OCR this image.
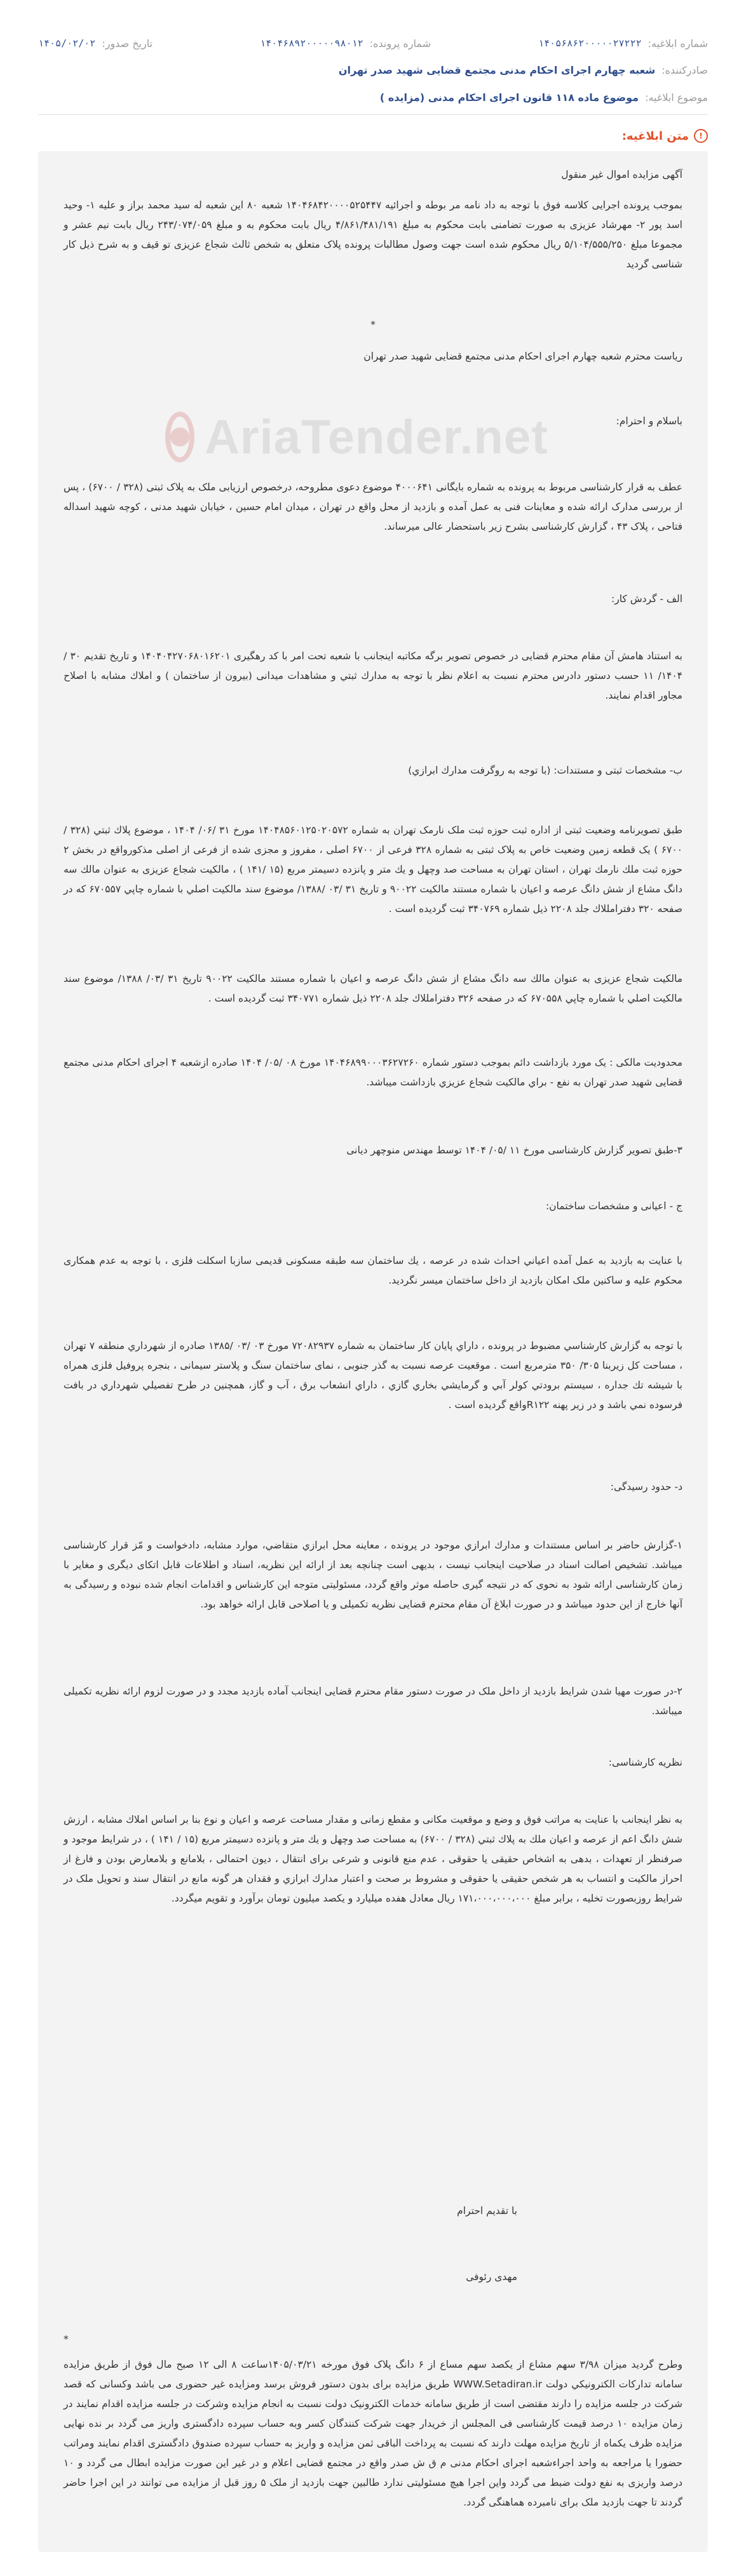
شماره ابلاغیه:
۱۴۰۵۶۸۶۲۰۰۰۰۰۲۷۲۲۲
شماره پرونده:
۱۴۰۴۶۸۹۲۰۰۰۰۰۹۸۰۱۲
تاریخ صدور:
۱۴۰۵/۰۲/۰۲
صادرکننده:
شعبه چهارم اجرای احکام مدنی مجتمع قضایی شهید صدر تهران
موضوع ابلاغیه:
موضوع ماده ۱۱۸ قانون اجرای احکام مدنی (مزایده )
!
متن ابلاغیه:
AriaTender.net
آگهی مزایده اموال غیر منقول
بموجب پرونده اجرایی کلاسه فوق با توجه به داد نامه مر بوطه و اجرائیه ۱۴۰۴۶۸۴۲۰۰۰۰۵۲۵۴۴۷ شعبه ۸۰ این شعبه له سید محمد براز و علیه ۱- وحید اسد پور ۲- مهرشاد عزیزی به صورت تضامنی بابت محکوم به مبلغ ۴/۸۶۱/۴۸۱/۱۹۱ ریال بابت محکوم به و مبلغ ۲۴۳/۰۷۴/۰۵۹ ریال بابت نیم عشر و مجموعا مبلغ ۵/۱۰۴/۵۵۵/۲۵۰ ریال محکوم شده است جهت وصول مطالبات پرونده پلاک متعلق به شخص ثالث شجاع عزیزی تو قیف و به شرح ذیل کار شناسی گردید
*
ریاست محترم شعبه چهارم اجرای احکام مدنی مجتمع قضایی شهید صدر تهران
باسلام و احترام:
عطف به قرار کارشناسی مربوط به پرونده به شماره بایگانی ۴۰۰۰۶۴۱ موضوع دعوی مطروحه، درخصوص ارزیابی ملک به پلاک ثبتی (۳۲۸ / ۶۷۰۰) ، پس از بررسی مدارک ارائه شده و معاینات فنی به عمل آمده و بازدید از محل واقع در تهران ، میدان امام حسین ، خیابان شهید مدنی ، کوچه شهید اسداله فتاحی ، پلاک ۴۳ ، گزارش کارشناسی بشرح زیر باستحضار عالی میرساند.
الف - گردش کار:
به استناد هامش آن مقام محترم قضایی در خصوص تصویر برگه مکاتبه اینجانب با شعبه تحت امر با کد رهگیری ۱۴۰۴۰۴۲۷۰۶۸۰۱۶۲۰۱ و تاریخ تقدیم ۳۰ /۱۴۰۴/ ۱۱ حسب دستور دادرس محترم نسبت به اعلام نظر با توجه به مدارك ثبتي و مشاهدات میدانی (بیرون از ساختمان ) و املاك مشابه با اصلاح مجاور اقدام نمایند.
ب- مشخصات ثبتی و مستندات: (با توجه به روگرفت مدارك ابرازي)
طبق تصویرنامه وضعیت ثبتی از اداره ثبت حوزه ثبت ملک نارمک تهران به شماره ۱۴۰۴۸۵۶۰۱۲۵۰۲۰۵۷۲ مورخ ۳۱ /۰۶/ ۱۴۰۴ ، موضوع پلاك ثبتي (۳۲۸ / ۶۷۰۰ ) یک قطعه زمین وضعیت خاص به پلاک ثبتی به شماره ۳۲۸ فرعی از ۶۷۰۰ اصلی ، مفروز و مجزی شده از فرعی از اصلی مذکورواقع در بخش ۲ حوزه ثبت ملك نارمك تهران ، استان تهران به مساحت صد وچهل و يك متر و پانزده دسيمتر مربع (۱۵ /۱۴۱ ) ، مالكيت شجاع عزیزی به عنوان مالك سه دانگ مشاع از شش دانگ عرصه و اعيان با شماره مستند مالكيت ۹۰۰۲۲ و تاريخ ۳۱ /۰۳ /۱۳۸۸/ موضوع سند مالکيت اصلي با شماره چاپي ۶۷۰۵۵۷ که در صفحه ۳۲۰ دفترامللاك جلد ۲۲۰۸ ذيل شماره ۳۴۰۷۶۹ ثبت گرديده است .
مالكيت شجاع عزیزی به عنوان مالك سه دانگ مشاع از شش دانگ عرصه و اعيان با شماره مستند مالكيت ۹۰۰۲۲ تاريخ ۳۱ /۰۳/ ۱۳۸۸/ موضوع سند مالکيت اصلي با شماره چاپي ۶۷۰۵۵۸ كه در صفحه ۳۲۶ دفترامللاك جلد ۲۲۰۸ ذيل شماره ۳۴۰۷۷۱ ثبت گرديده است .
محدودیت مالکی : یک مورد بازداشت دائم بموجب دستور شماره ۱۴۰۴۶۸۹۹۰۰۰۳۶۲۷۲۶۰ مورخ ۰۸ /۰۵/ ۱۴۰۴ صادره ازشعبه ۴ اجرای احکام مدنی مجتمع قضایی شهید صدر تهران به نفع - براي مالكيت شجاع عزيزي بازداشت ميباشد.
۳-طبق تصویر گزارش کارشناسی مورخ ۱۱ /۰۵/ ۱۴۰۴ توسط مهندس منوچهر دیانی
ج - اعیانی و مشخصات ساختمان:
با عنايت به بازديد به عمل آمده اعياني احداث شده در عرصه ، يك ساختمان سه طبقه مسکونی قدیمی سازبا اسکلت فلزی ، با توجه به عدم همکاری محکوم علیه و ساکنین ملک امکان بازدید از داخل ساختمان میسر نگردید.
با توجه به گزارش كارشناسي مضبوط در پرونده ، داراي پايان كار ساختمان به شماره ۷۲۰۸۲۹۳۷ مورخ ۰۳ /۰۳ /۱۳۸۵ صادره از شهرداري منطقه ۷ تهران ، مساحت کل زیربنا ۳۰۵/ ۳۵۰ مترمربع است . موقعیت عرصه نسبت به گذر جنوبی ، نمای ساختمان سنگ و پلاستر سیمانی ، بنجره پروفیل فلزی همراه با شیشه تك جداره ، سيستم برودتي كولر آبي و گرمايشي بخاري گازي ، داراي انشعاب برق ، آب و گاز، همچنين در طرح تفصيلي شهرداري در بافت فرسوده نمي باشد و در زير پهنه R۱۲۲واقع گرديده است .
د- حدود رسیدگی:
۱-گزارش حاضر بر اساس مستندات و مدارك ابرازي موجود در پرونده ، معاينه محل ابرازي متقاضي، موارد مشابه، دادخواست و مّز قرار کارشناسی میباشد. تشخیص اصالت اسناد در صلاحیت اینجانب نیست ، بدیهی است چنانچه بعد از ارائه این نظریه، اسناد و اطلاعات قابل اتکای دیگری و مغایر با زمان کارشناسی ارائه شود به نحوی که در نتیجه گیری حاصله موثر واقع گردد، مسئولیتی متوجه این کارشناس و اقدامات انجام شده نبوده و رسیدگی به آنها خارج از این حدود میباشد و در صورت ابلاغ آن مقام محترم قضایی نظریه تکمیلی و یا اصلاحی قابل ارائه خواهد بود.
۲-در صورت مهیا شدن شرایط بازدید از داخل ملک در صورت دستور مقام محترم قضایی اینجانب آماده بازدید مجدد و در صورت لزوم ارائه نظریه تکمیلی میباشد.
نظریه کارشناسی:
به نظر اینجانب با عنایت به مراتب فوق و وضع و موقعیت مکانی و مقطع زمانی و مقدار مساحت عرصه و اعیان و نوع بنا بر اساس املاك مشابه ، ارزش شش دانگ اعم از عرصه و اعیان ملك به پلاك ثبتي (۳۲۸ / ۶۷۰۰) به مساحت صد وچهل و يك متر و پانزده دسيمتر مربع (۱۵ / ۱۴۱ ) ، در شرایط موجود و صرفنظر از تعهدات ، بدهی به اشخاص حقیقی یا حقوقی ، عدم منع قانونی و شرعی برای انتقال ، دیون احتمالی ، بلامانع و بلامعارض بودن و فارغ از احراز مالکیت و انتساب به هر شخص حقیقی یا حقوقی و مشروط بر صحت و اعتبار مدارك ابرازي و فقدان هر گونه مانع در انتقال سند و تحویل ملک در شرایط روزبصورت تخلیه ، برابر مبلغ ۱۷۱،۰۰۰،۰۰۰،۰۰۰ ریال معادل هفده میلیارد و یکصد میلیون تومان برآورد و تقویم میگردد.
با تقدیم احترام
مهدی رئوفی
*
وطرح گردید میزان ۳/۹۸ سهم مشاع از یکصد سهم مساع از ۶ دانگ پلاک فوق مورخه ۱۴۰۵/۰۳/۲۱ساعت ۸ الی ۱۲ صبح مال فوق از طريق مزايده سامانه تداركات الكترونيكي دولت WWW.Setadiran.ir طریق مزایده برای بدون دستور فروش برسد ومزایده غیر حضوری می باشد وکسانی که قصد شرکت در جلسه مزایده را دارند مقتضی است از طریق سامانه خدمات الکترونیک دولت نسبت به انجام مزایده وشرکت در جلسه مزایده اقدام نمایند در زمان مزایده ۱۰ درصد قیمت کارشناسی فی المجلس از خریدار جهت شرکت کنندگان کسر وبه حساب سپرده دادگستری واریز می گردد بر نده نهایی مزایده ظرف یکماه از تاریخ مزایده مهلت دارند که نسبت به پرداخت الباقی ثمن مزایده و واریز به حساب سپرده صندوق دادگستری اقدام نمایند ومراتب حضورا یا مراجعه به واحد اجراءشعبه اجرای احکام مدنی م ق ش صدر واقع در مجتمع قضایی اعلام و در غیر این صورت مزایده ابطال می گردد و ۱۰ درصد واریزی به نفع دولت ضبط می گردد واین اجرا هیچ مسئولیتی ندارد طالبین جهت بازدید از ملک ۵ روز قبل از مزایده می توانند در این اجرا حاضر گردند تا جهت بازدید ملک برای نامبرده هماهنگی گردد.
